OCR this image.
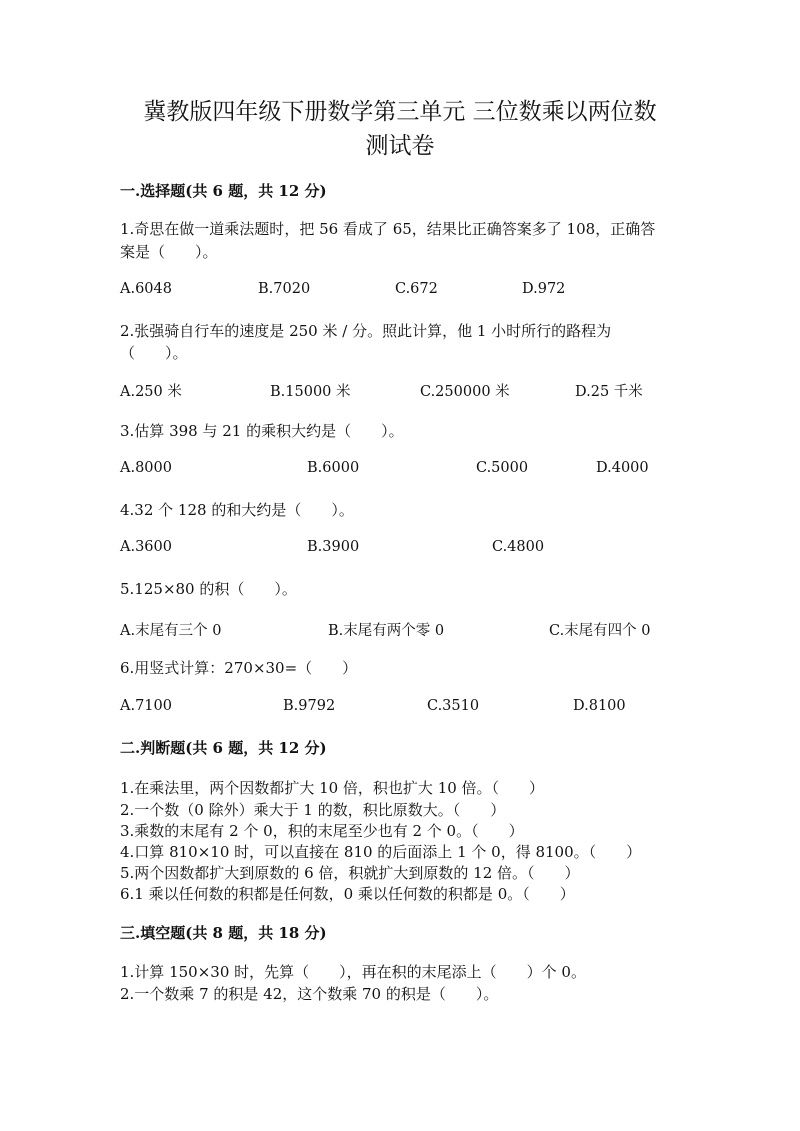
冀教版四年级下册数学第三单元 三位数乘以两位数
测试卷
一.选择题(共 6 题，共 12 分)
1.奇思在做一道乘法题时，把 56 看成了 65，结果比正确答案多了 108，正确答
案是（　　）。
A.6048	B.7020	C.672	D.972
2.张强骑自行车的速度是 250 米 / 分。照此计算，他 1 小时所行的路程为
（　　）。
A.250 米	B.15000 米	C.250000 米	D.25 千米
3.估算 398 与 21 的乘积大约是（　　）。
A.8000	B.6000	C.5000	D.4000
4.32 个 128 的和大约是（　　）。
A.3600	B.3900	C.4800
5.125×80 的积（　　）。
A.末尾有三个 0	B.末尾有两个零 0	C.末尾有四个 0
6.用竖式计算：270×30=（　　）
A.7100	B.9792	C.3510	D.8100
二.判断题(共 6 题，共 12 分)
1.在乘法里，两个因数都扩大 10 倍，积也扩大 10 倍。（　　）
2.一个数（0 除外）乘大于 1 的数，积比原数大。（　　）
3.乘数的末尾有 2 个 0，积的末尾至少也有 2 个 0。（　　）
4.口算 810×10 时，可以直接在 810 的后面添上 1 个 0，得 8100。（　　）
5.两个因数都扩大到原数的 6 倍，积就扩大到原数的 12 倍。（　　）
6.1 乘以任何数的积都是任何数，0 乘以任何数的积都是 0。（　　）
三.填空题(共 8 题，共 18 分)
1.计算 150×30 时，先算（　　），再在积的末尾添上（　　）个 0。
2.一个数乘 7 的积是 42，这个数乘 70 的积是（　　）。
